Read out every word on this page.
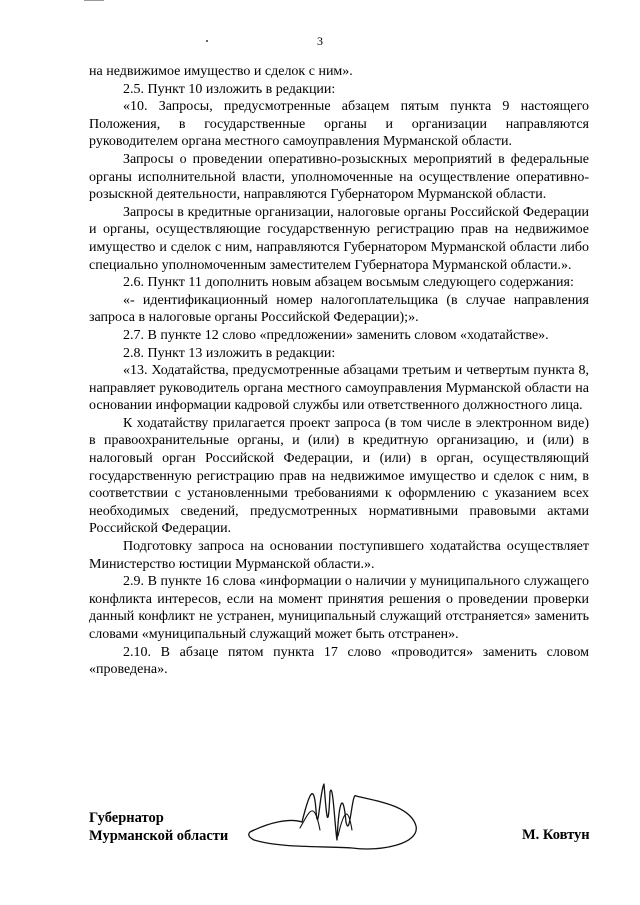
3

на недвижимое имущество и сделок с ним».

2.5. Пункт 10 изложить в редакции:

«10. Запросы, предусмотренные абзацем пятым пункта 9 настоящего Положения, в государственные органы и организации направляются руководителем органа местного самоуправления Мурманской области.

Запросы о проведении оперативно-розыскных мероприятий в федеральные органы исполнительной власти, уполномоченные на осуществление оперативно-розыскной деятельности, направляются Губернатором Мурманской области.

Запросы в кредитные организации, налоговые органы Российской Федерации и органы, осуществляющие государственную регистрацию прав на недвижимое имущество и сделок с ним, направляются Губернатором Мурманской области либо специально уполномоченным заместителем Губернатора Мурманской области.».

2.6. Пункт 11 дополнить новым абзацем восьмым следующего содержания:

«- идентификационный номер налогоплательщика (в случае направления запроса в налоговые органы Российской Федерации);».

2.7. В пункте 12 слово «предложении» заменить словом «ходатайстве».

2.8. Пункт 13 изложить в редакции:

«13. Ходатайства, предусмотренные абзацами третьим и четвертым пункта 8, направляет руководитель органа местного самоуправления Мурманской области на основании информации кадровой службы или ответственного должностного лица.

К ходатайству прилагается проект запроса (в том числе в электронном виде) в правоохранительные органы, и (или) в кредитную организацию, и (или) в налоговый орган Российской Федерации, и (или) в орган, осуществляющий государственную регистрацию прав на недвижимое имущество и сделок с ним, в соответствии с установленными требованиями к оформлению с указанием всех необходимых сведений, предусмотренных нормативными правовыми актами Российской Федерации.

Подготовку запроса на основании поступившего ходатайства осуществляет Министерство юстиции Мурманской области.».

2.9. В пункте 16 слова «информации о наличии у муниципального служащего конфликта интересов, если на момент принятия решения о проведении проверки данный конфликт не устранен, муниципальный служащий отстраняется» заменить словами «муниципальный служащий может быть отстранен».

2.10. В абзаце пятом пункта 17 слово «проводится» заменить словом «проведена».

Губернатор
Мурманской области	М. Ковтун
